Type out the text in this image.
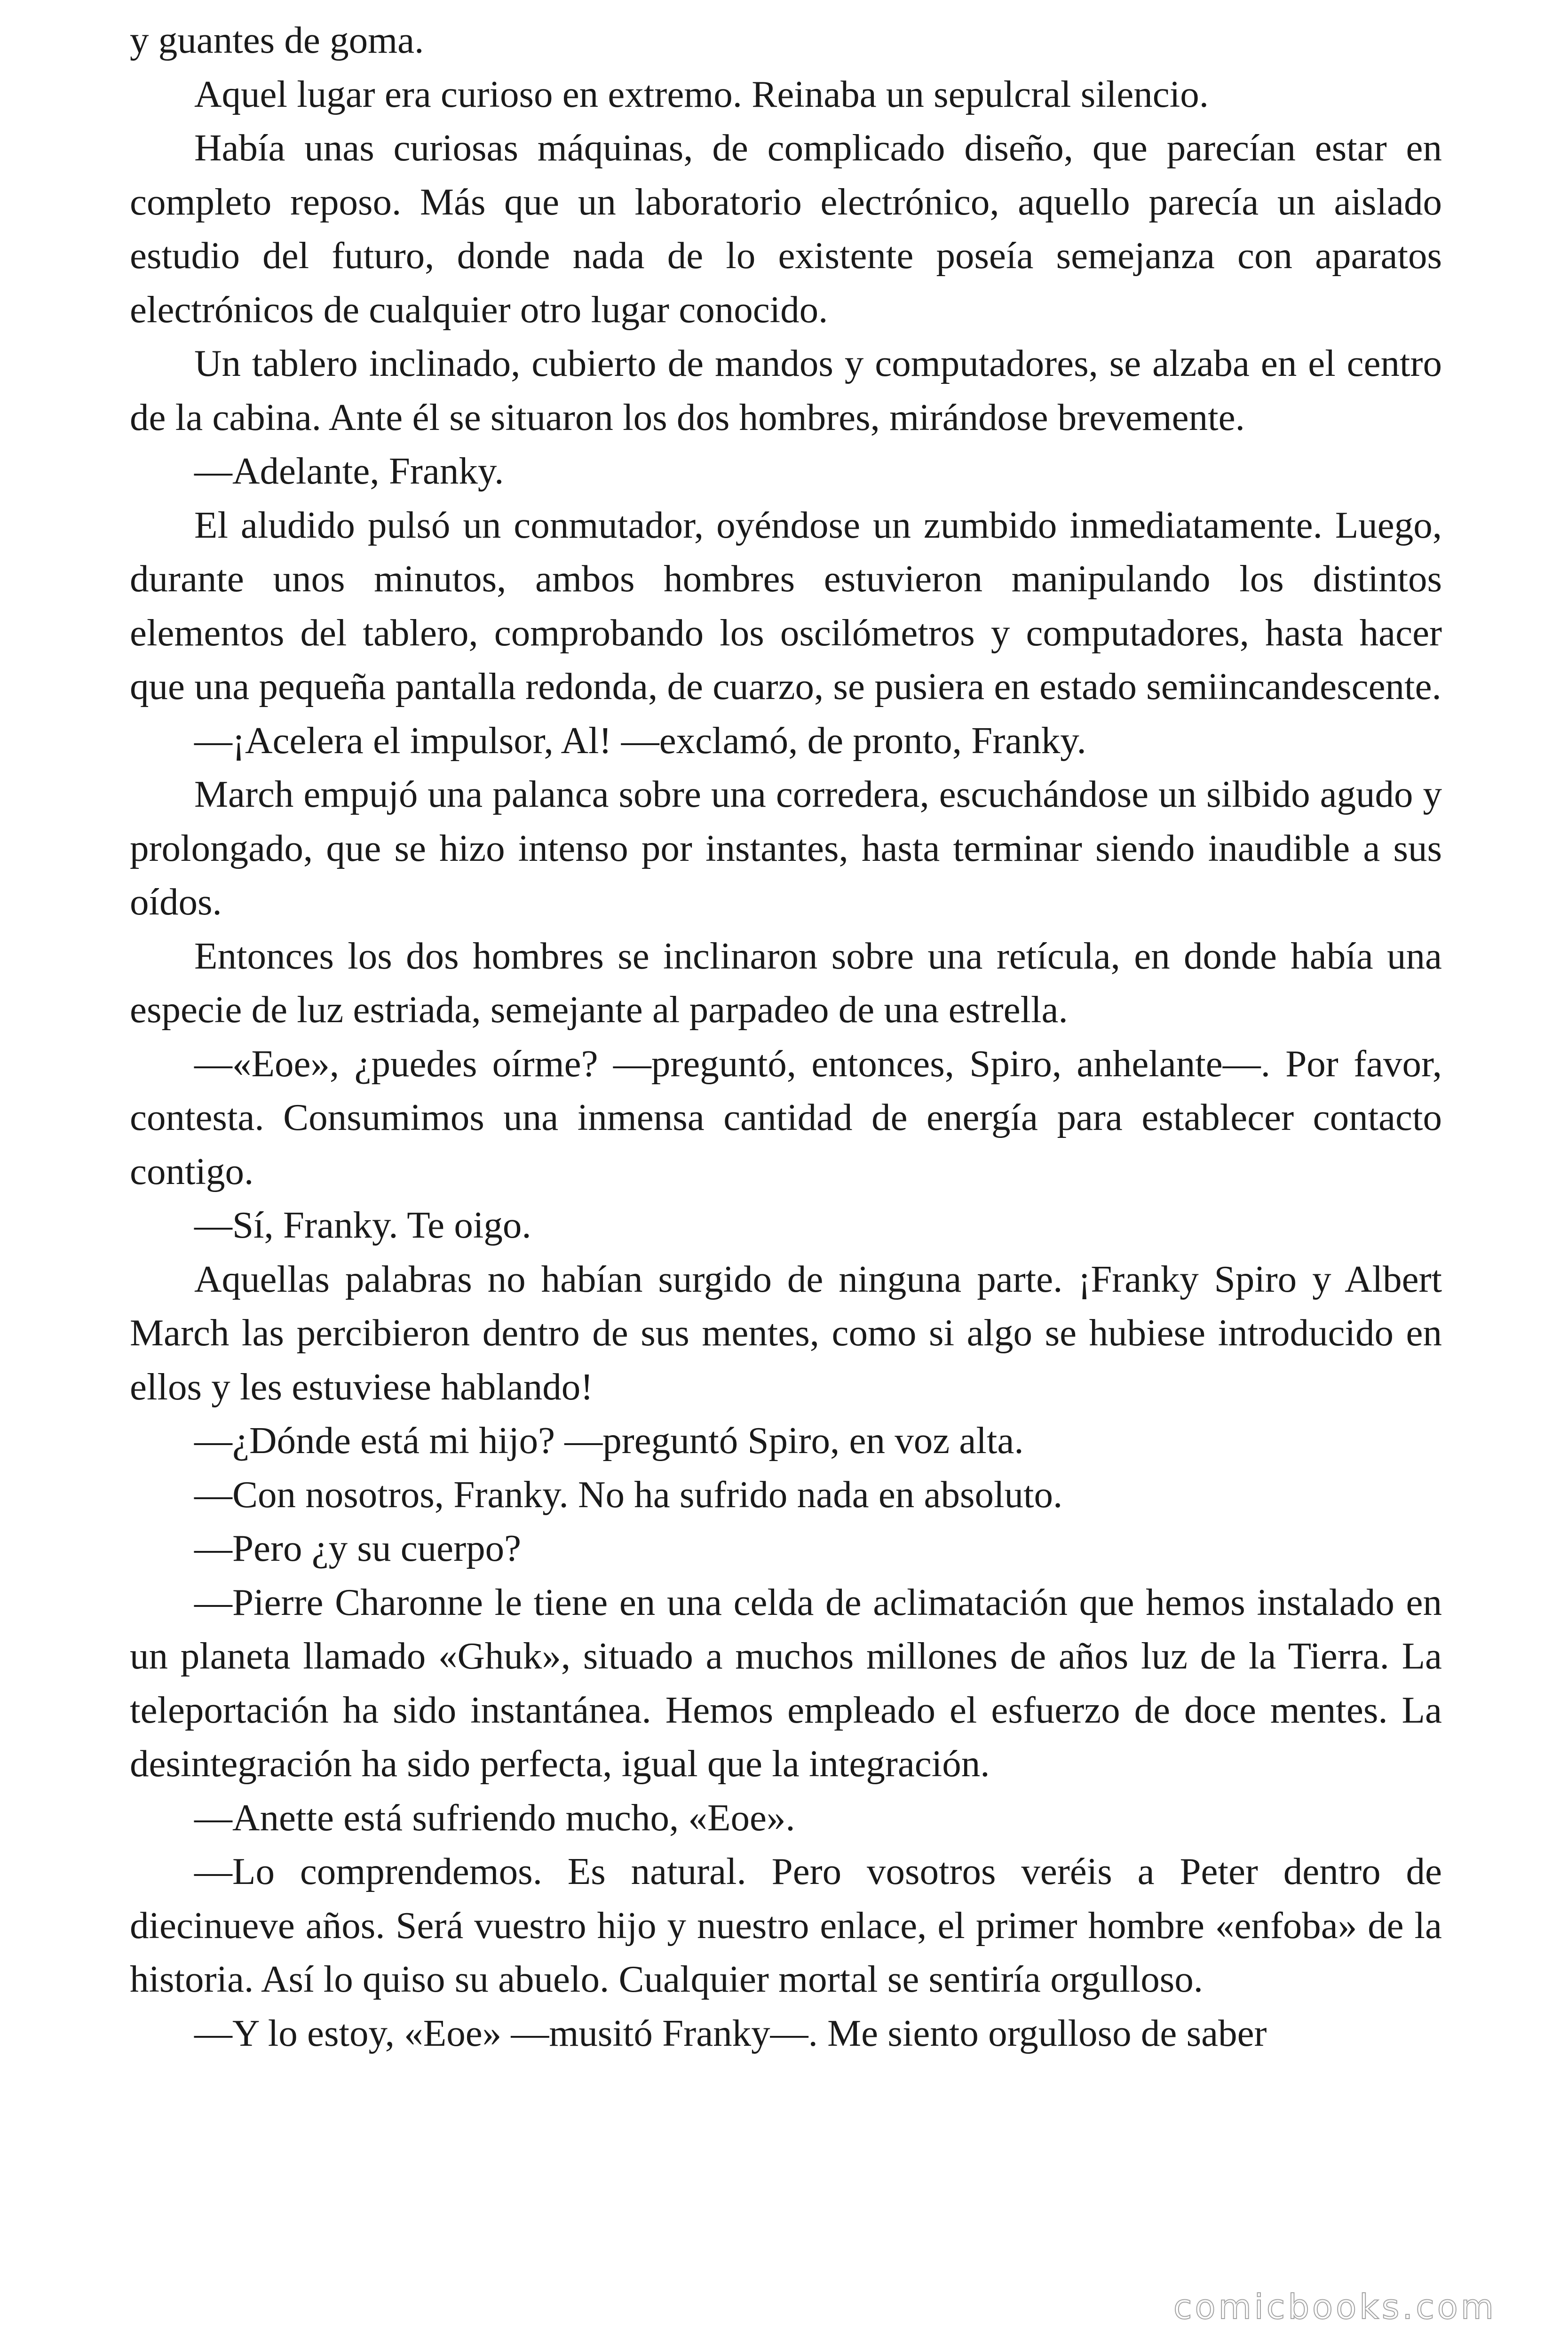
y guantes de goma.

Aquel lugar era curioso en extremo. Reinaba un sepulcral silencio.

Había unas curiosas máquinas, de complicado diseño, que parecían estar en completo reposo. Más que un laboratorio electrónico, aquello parecía un aislado estudio del futuro, donde nada de lo existente poseía semejanza con aparatos electrónicos de cualquier otro lugar conocido.

Un tablero inclinado, cubierto de mandos y computadores, se alzaba en el centro de la cabina. Ante él se situaron los dos hombres, mirándose brevemente.

—Adelante, Franky.

El aludido pulsó un conmutador, oyéndose un zumbido inmediatamente. Luego, durante unos minutos, ambos hombres estuvieron manipulando los distintos elementos del tablero, comprobando los oscilómetros y computadores, hasta hacer que una pequeña pantalla redonda, de cuarzo, se pusiera en estado semiincandescente.

—¡Acelera el impulsor, Al! —exclamó, de pronto, Franky.

March empujó una palanca sobre una corredera, escuchándose un silbido agudo y prolongado, que se hizo intenso por instantes, hasta terminar siendo inaudible a sus oídos.

Entonces los dos hombres se inclinaron sobre una retícula, en donde había una especie de luz estriada, semejante al parpadeo de una estrella.

—«Eoe», ¿puedes oírme? —preguntó, entonces, Spiro, anhelante—. Por favor, contesta. Consumimos una inmensa cantidad de energía para establecer contacto contigo.

—Sí, Franky. Te oigo.

Aquellas palabras no habían surgido de ninguna parte. ¡Franky Spiro y Albert March las percibieron dentro de sus mentes, como si algo se hubiese introducido en ellos y les estuviese hablando!

—¿Dónde está mi hijo? —preguntó Spiro, en voz alta.

—Con nosotros, Franky. No ha sufrido nada en absoluto.

—Pero ¿y su cuerpo?

—Pierre Charonne le tiene en una celda de aclimatación que hemos instalado en un planeta llamado «Ghuk», situado a muchos millones de años luz de la Tierra. La teleportación ha sido instantánea. Hemos empleado el esfuerzo de doce mentes. La desintegración ha sido perfecta, igual que la integración.

—Anette está sufriendo mucho, «Eoe».

—Lo comprendemos. Es natural. Pero vosotros veréis a Peter dentro de diecinueve años. Será vuestro hijo y nuestro enlace, el primer hombre «enfoba» de la historia. Así lo quiso su abuelo. Cualquier mortal se sentiría orgulloso.

—Y lo estoy, «Eoe» —musitó Franky—. Me siento orgulloso de saber

comicbooks.com
